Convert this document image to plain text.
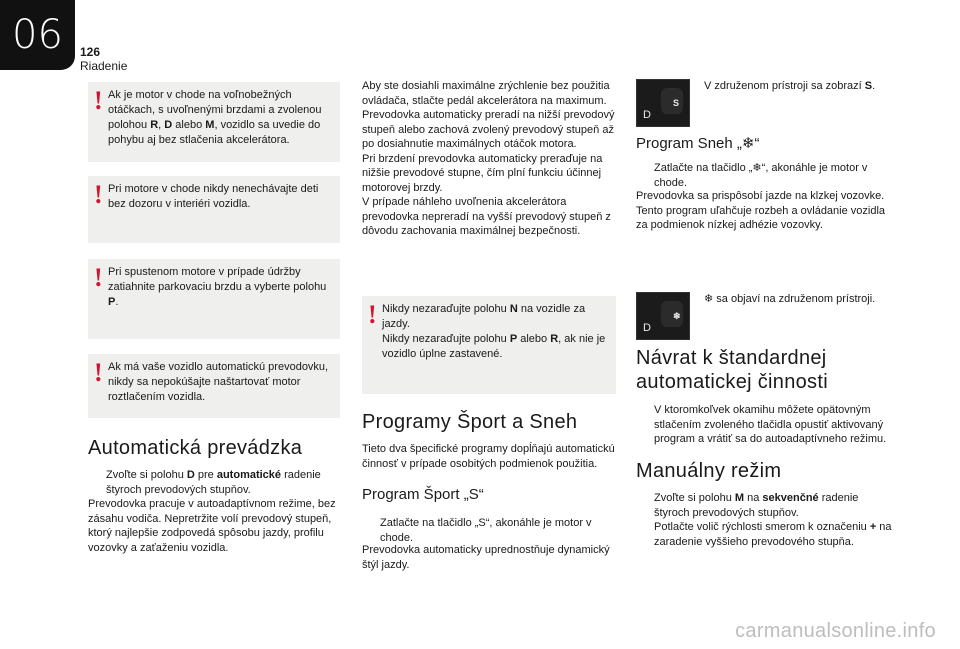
06	126
Riadenie
! Ak je motor v chode na voľnobežných otáčkach, s uvoľnenými brzdami a zvolenou polohou R, D alebo M, vozidlo sa uvedie do pohybu aj bez stlačenia akcelerátora.
! Pri motore v chode nikdy nenechávajte deti bez dozoru v interiéri vozidla.
! Pri spustenom motore v prípade údržby zatiahnite parkovaciu brzdu a vyberte polohu P.
! Ak má vaše vozidlo automatickú prevodovku, nikdy sa nepokúšajte naštartovať motor roztlačením vozidla.
Automatická prevádzka
Zvoľte si polohu D pre automatické radenie štyroch prevodových stupňov.
Prevodovka pracuje v autoadaptívnom režime, bez zásahu vodiča. Nepretržite volí prevodový stupeň, ktorý najlepšie zodpovedá spôsobu jazdy, profilu vozovky a zaťaženiu vozidla.
Aby ste dosiahli maximálne zrýchlenie bez použitia ovládača, stlačte pedál akcelerátora na maximum. Prevodovka automaticky preradí na nižší prevodový stupeň alebo zachová zvolený prevodový stupeň až po dosiahnutie maximálnych otáčok motora.
Pri brzdení prevodovka automaticky preraďuje na nižšie prevodové stupne, čím plní funkciu účinnej motorovej brzdy.
V prípade náhleho uvoľnenia akcelerátora prevodovka nepreradí na vyšší prevodový stupeň z dôvodu zachovania maximálnej bezpečnosti.
! Nikdy nezaraďujte polohu N na vozidle za jazdy.
Nikdy nezaraďujte polohu P alebo R, ak nie je vozidlo úplne zastavené.
Programy Šport a Sneh
Tieto dva špecifické programy dopĺňajú automatickú činnosť v prípade osobitých podmienok použitia.
Program Šport „S“
Zatlačte na tlačidlo „S“, akonáhle je motor v chode.
Prevodovka automaticky uprednostňuje dynamický štýl jazdy.
D
S
V združenom prístroji sa zobrazí S.
Program Sneh „❄“
Zatlačte na tlačidlo „❄“, akonáhle je motor v chode.
Prevodovka sa prispôsobí jazde na klzkej vozovke. Tento program uľahčuje rozbeh a ovládanie vozidla za podmienok nízkej adhézie vozovky.
D
❄
❄ sa objaví na združenom prístroji.
Návrat k štandardnej automatickej činnosti
V ktoromkoľvek okamihu môžete opätovným stlačením zvoleného tlačidla opustiť aktivovaný program a vrátiť sa do autoadaptívneho režimu.
Manuálny režim
Zvoľte si polohu M na sekvenčné radenie štyroch prevodových stupňov.
Potlačte volič rýchlosti smerom k označeniu + na zaradenie vyššieho prevodového stupňa.
carmanualsonline.info
